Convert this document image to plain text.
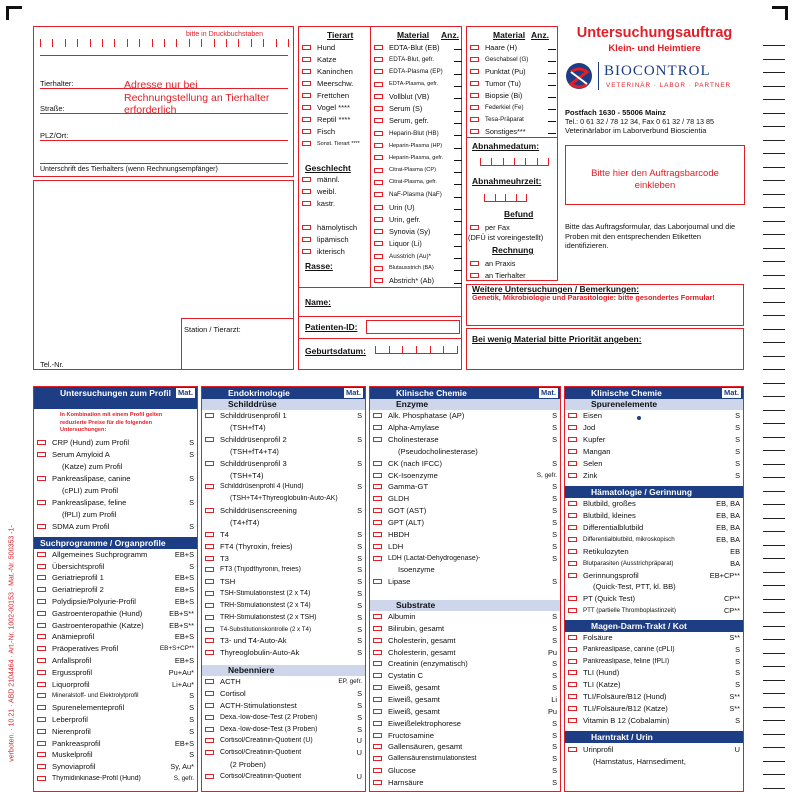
verboten. · 10.21 · ABD 2104464 · Art.-Nr. 1002-00153 · Mat.-Nr. 500353 -1-
bitte in Druckbuchstaben
Tierhalter:
Straße:
PLZ/Ort:
Adresse nur bei Rechnungstellung an Tierhalter erforderlich
Unterschrift des Tierhalters (wenn Rechnungsempfänger)
Station / Tierarzt:
Tel.-Nr.
Tierart
Hund
Katze
Kaninchen
Meerschw.
Frettchen
Vogel ****
Reptil ****
Fisch
Sonst. Tierart ****
Geschlecht
männl.
weibl.
kastr.
hämolytisch
lipämisch
ikterisch
Rasse:
Name:
Patienten-ID:
Geburtsdatum:
Material Anz.
EDTA-Blut (EB)
EDTA-Blut, gefr.
EDTA-Plasma (EP)
EDTA-Plasma, gefr.
Vollblut (VB)
Serum (S)
Serum, gefr.
Heparin-Blut (HB)
Heparin-Plasma (HP)
Heparin-Plasma, gefr.
Citrat-Plasma (CP)
Citrat-Plasma, gefr.
NaF-Plasma (NaF)
Urin (U)
Urin, gefr.
Synovia (Sy)
Liquor (Li)
Ausstrich (Au)*
Blutausstrich (BA)
Abstrich* (Ab)
Material Anz.
Haare (H)
Geschabsel (G)
Punktat (Pu)
Tumor (Tu)
Biopsie (Bi)
Federkiel (Fe)
Tesa-Präparat
Sonstiges***
Abnahmedatum:
Abnahmeuhrzeit:
Befund
per Fax
(DFÜ ist voreingestellt)
Rechnung
an Praxis
an Tierhalter
Weitere Untersuchungen / Bemerkungen:
Genetik, Mikrobiologie und Parasitologie: bitte gesondertes Formular!
Bei wenig Material bitte Priorität angeben:
Untersuchungsauftrag
Klein- und Heimtiere
BIOCONTROL
VETERINÄR · LABOR · PARTNER
Postfach 1630 - 55006 Mainz
Tel.: 0 61 32 / 78 12 34, Fax 0 61 32 / 78 13 85
Veterinärlabor im Laborverbund Bioscientia
Bitte hier den Auftragsbarcode einkleben
Bitte das Auftragsformular, das Laborjournal und die Proben mit den entsprechenden Etiketten identifizieren.
Untersuchungen zum Profil Mat.
In Kombination mit einem Profil gelten reduzierte Preise für die folgenden Untersuchungen:
CRP (Hund) zum Profil	S
Serum Amyloid A	S
(Katze) zum Profil
Pankreaslipase, canine	S
(cPLI) zum Profil
Pankreaslipase, feline	S
(fPLI) zum Profil
SDMA zum Profil	S
Suchprogramme / Organprofile
Allgemeines Suchprogramm	EB+S
Übersichtsprofil	S
Geriatrieprofil 1	EB+S
Geriatrieprofil 2	EB+S
Polydipsie/Polyurie-Profil	EB+S
Gastroenteropathie (Hund)	EB+S**
Gastroenteropathie (Katze)	EB+S**
Anämieprofil	EB+S
Präoperatives Profil	EB+S+CP**
Anfallsprofil	EB+S
Ergussprofil	Pu+Au*
Liquorprofil	Li+Au*
Mineralstoff- und Elektrolytprofil	S
Spurenelementeprofil	S
Leberprofil	S
Nierenprofil	S
Pankreasprofil	EB+S
Muskelprofil	S
Synoviaprofil	Sy, Au*
Thymidinkinase-Profil (Hund)	S, gefr.
Endokrinologie	Mat.
Schilddrüse
Schilddrüsenprofil 1	S
(TSH+fT4)
Schilddrüsenprofil 2	S
(TSH+fT4+T4)
Schilddrüsenprofil 3	S
(TSH+T4)
Schilddrüsenprofil 4 (Hund)	S
(TSH+T4+Thyreoglobulin-Auto-AK)
Schilddrüsenscreening	S
(T4+fT4)
T4	S
FT4 (Thyroxin, freies)	S
T3	S
FT3 (Trijodthyronin, freies)	S
TSH	S
TSH-Stimulationstest (2 x T4)	S
TRH-Stimulationstest (2 x T4)	S
TRH-Stimulationstest (2 x TSH)	S
T4-Substitutionskontrolle (2 x T4)	S
T3- und T4-Auto-Ak	S
Thyreoglobulin-Auto-Ak	S
Nebenniere
ACTH	EP, gefr.
Cortisol	S
ACTH-Stimulationstest	S
Dexa.-low-dose-Test (2 Proben)	S
Dexa.-low-dose-Test (3 Proben)	S
Cortisol/Creatinin-Quotient (U)	U
Cortisol/Creatinin-Quotient	U
(2 Proben)
Cortisol/Creatinin-Quotient	U
Klinische Chemie	Mat.
Enzyme
Alk. Phosphatase (AP)	S
Alpha-Amylase	S
Cholinesterase	S
(Pseudocholinesterase)
CK (nach IFCC)	S
CK-Isoenzyme	S, gefr.
Gamma-GT	S
GLDH	S
GOT (AST)	S
GPT (ALT)	S
HBDH	S
LDH	S
LDH (Lactat-Dehydrogenase)-	S
Isoenzyme
Lipase	S
Substrate
Albumin	S
Bilirubin, gesamt	S
Cholesterin, gesamt	S
Cholesterin, gesamt	Pu
Creatinin (enzymatisch)	S
Cystatin C	S
Eiweiß, gesamt	S
Eiweiß, gesamt	Li
Eiweiß, gesamt	Pu
Eiweißelektrophorese	S
Fructosamine	S
Gallensäuren, gesamt	S
Gallensäurenstimulationstest	S
Glucose	S
Harnsäure	S
Klinische Chemie	Mat.
Spurenelemente
Eisen	S
Jod	S
Kupfer	S
Mangan	S
Selen	S
Zink	S
Hämatologie / Gerinnung
Blutbild, großes	EB, BA
Blutbild, kleines	EB, BA
Differentialblutbild	EB, BA
Differentialblutbild, mikroskopisch	EB, BA
Retikulozyten	EB
Blutparasiten (Ausstrichpräparat)	BA
Gerinnungsprofil	EB+CP**
(Quick-Test, PTT, kl. BB)
PT (Quick Test)	CP**
PTT (partielle Thromboplastinzeit)	CP**
Magen-Darm-Trakt / Kot
Folsäure	S**
Pankreaslipase, canine (cPLI)	S
Pankreaslipase, feline (fPLI)	S
TLI (Hund)	S
TLI (Katze)	S
TLI/Folsäure/B12 (Hund)	S**
TLI/Folsäure/B12 (Katze)	S**
Vitamin B 12 (Cobalamin)	S
Harntrakt / Urin
Urinprofil	U
(Harnstatus, Harnsediment,
